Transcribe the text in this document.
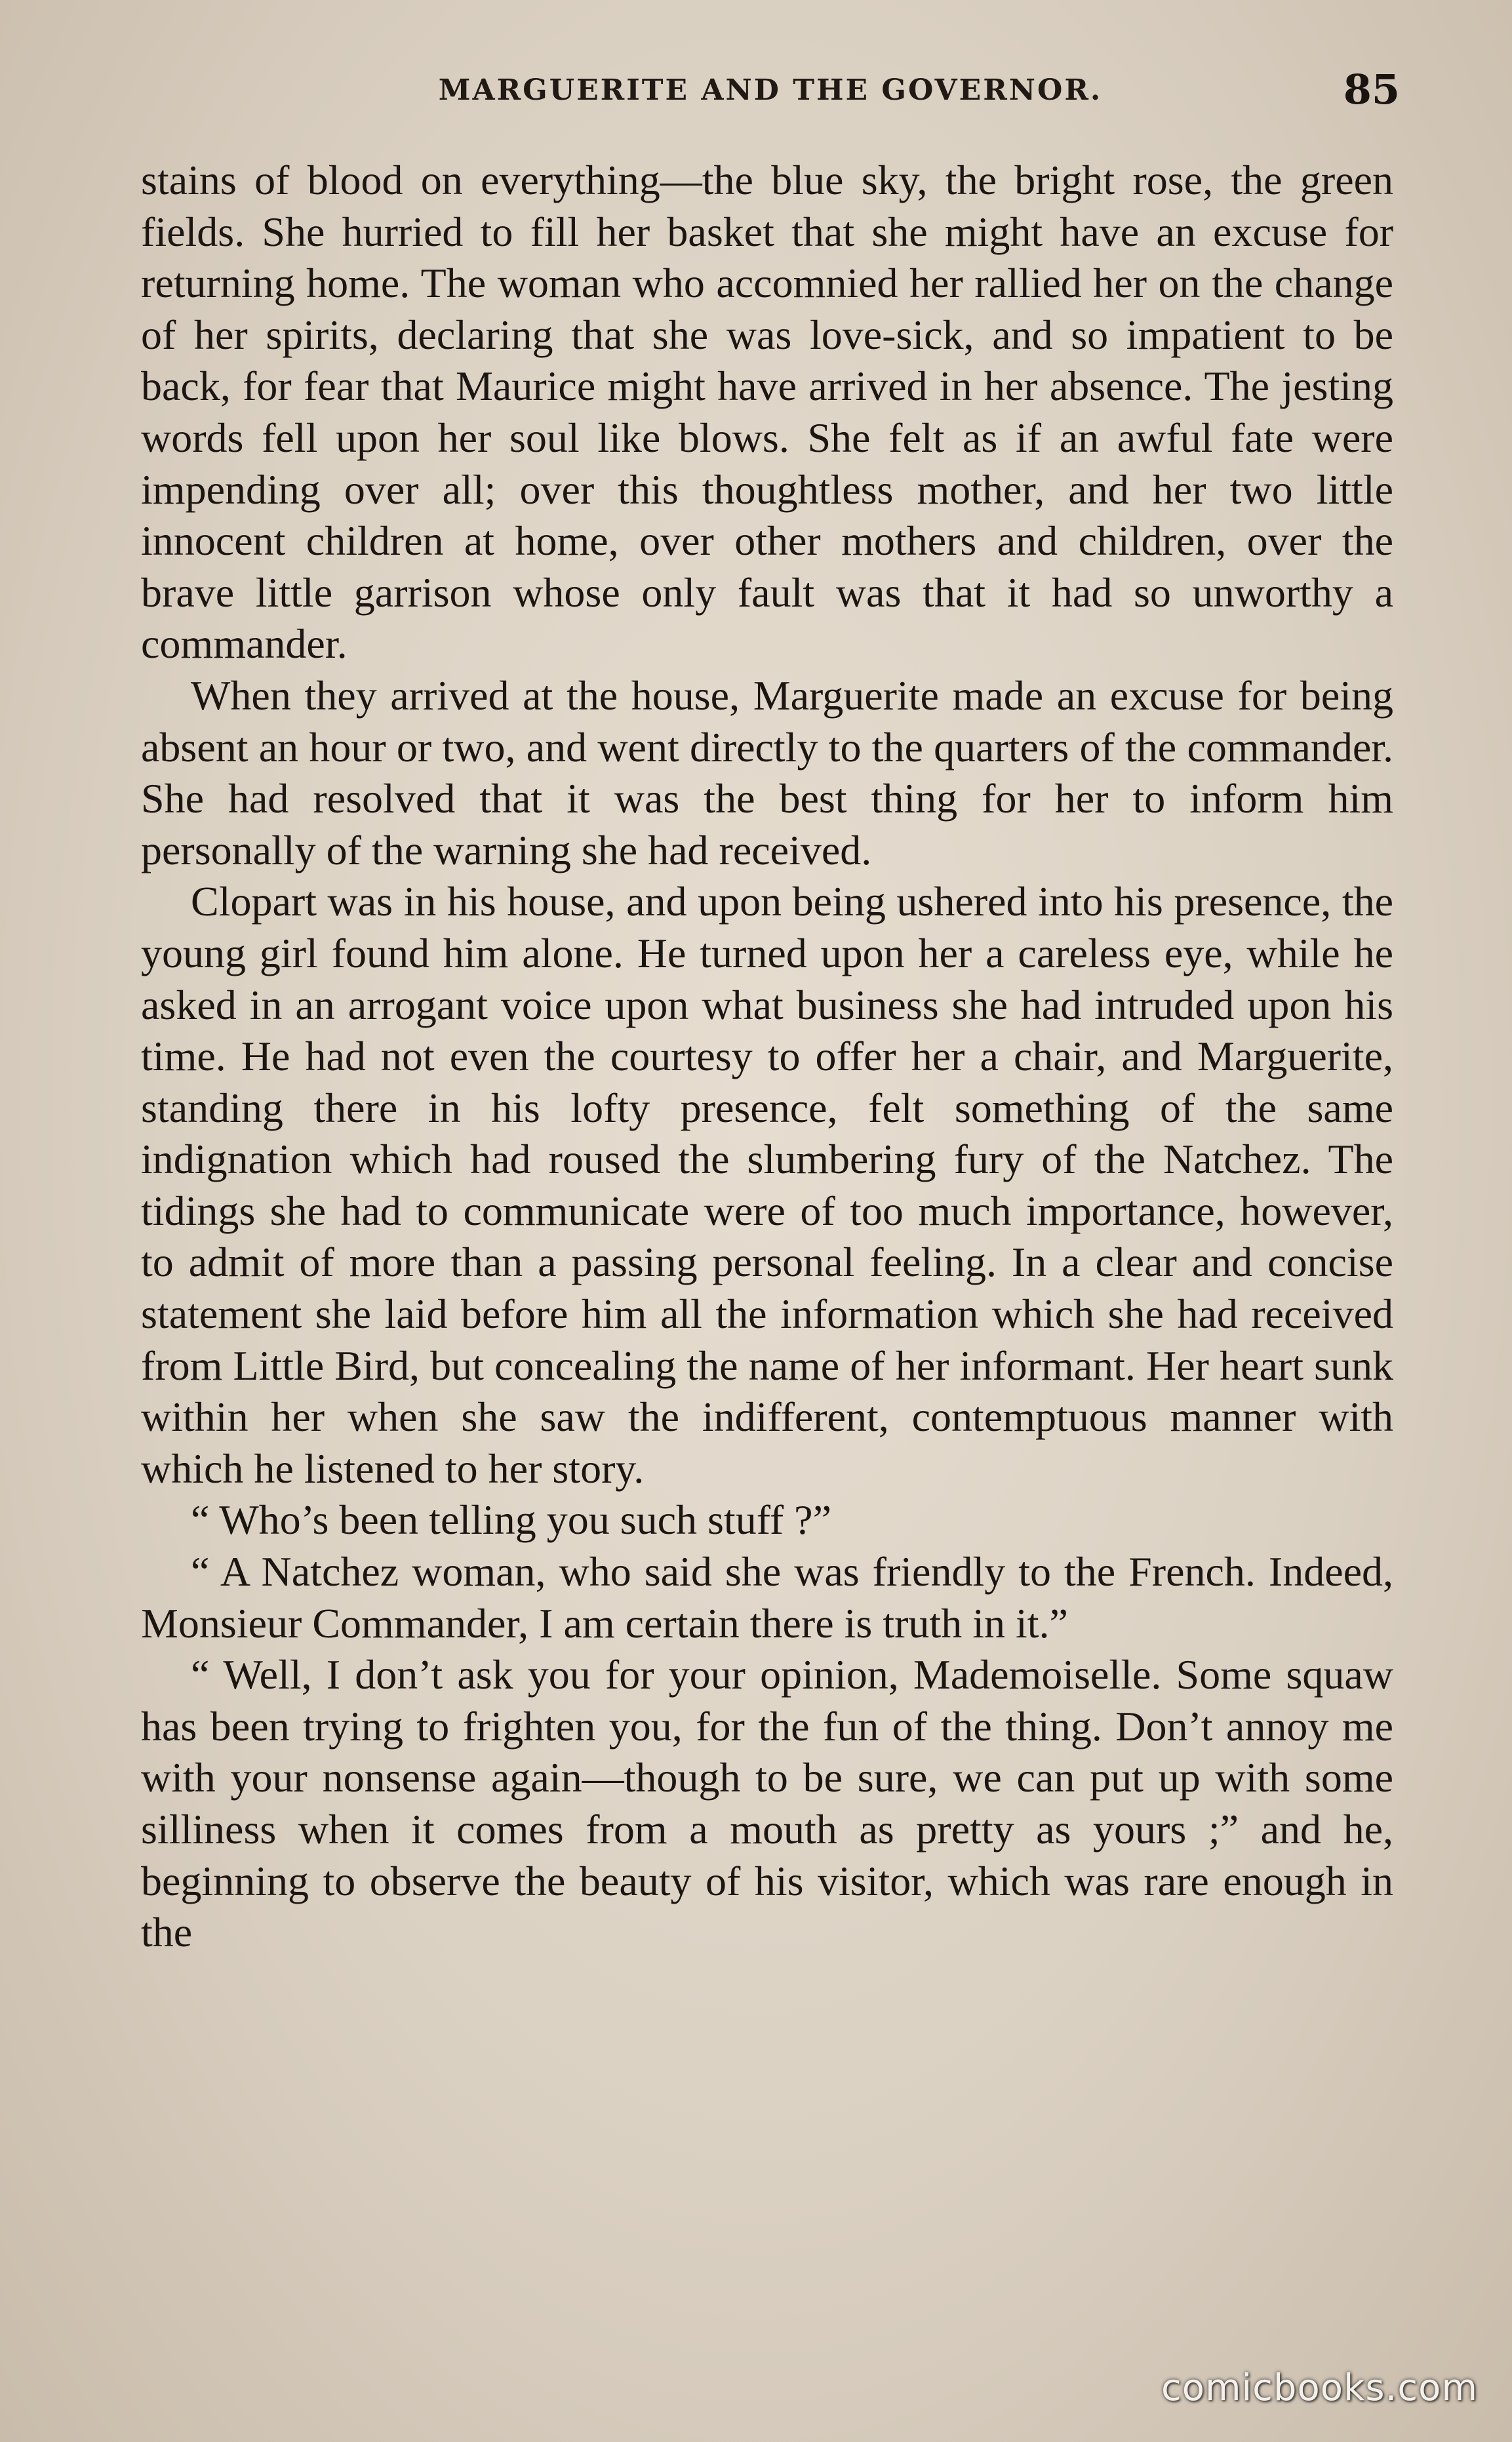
MARGUERITE AND THE GOVERNOR.	85

stains of blood on everything—the blue sky, the bright rose, the green fields. She hurried to fill her basket that she might have an excuse for returning home. The woman who accomnied her rallied her on the change of her spirits, declaring that she was love-sick, and so impatient to be back, for fear that Maurice might have arrived in her absence. The jesting words fell upon her soul like blows. She felt as if an awful fate were impending over all; over this thoughtless mother, and her two little innocent children at home, over other mothers and children, over the brave little garrison whose only fault was that it had so unworthy a commander.

When they arrived at the house, Marguerite made an excuse for being absent an hour or two, and went directly to the quarters of the commander. She had resolved that it was the best thing for her to inform him personally of the warning she had received.

Clopart was in his house, and upon being ushered into his presence, the young girl found him alone. He turned upon her a careless eye, while he asked in an arrogant voice upon what business she had intruded upon his time. He had not even the courtesy to offer her a chair, and Marguerite, standing there in his lofty presence, felt something of the same indignation which had roused the slumbering fury of the Natchez. The tidings she had to communicate were of too much importance, however, to admit of more than a passing personal feeling. In a clear and concise statement she laid before him all the information which she had received from Little Bird, but concealing the name of her informant. Her heart sunk within her when she saw the indifferent, contemptuous manner with which he listened to her story.

“ Who’s been telling you such stuff ?”

“ A Natchez woman, who said she was friendly to the French. Indeed, Monsieur Commander, I am certain there is truth in it.”

“ Well, I don’t ask you for your opinion, Mademoiselle. Some squaw has been trying to frighten you, for the fun of the thing. Don’t annoy me with your nonsense again—though to be sure, we can put up with some silliness when it comes from a mouth as pretty as yours ;” and he, beginning to observe the beauty of his visitor, which was rare enough in the

comicbooks.com
